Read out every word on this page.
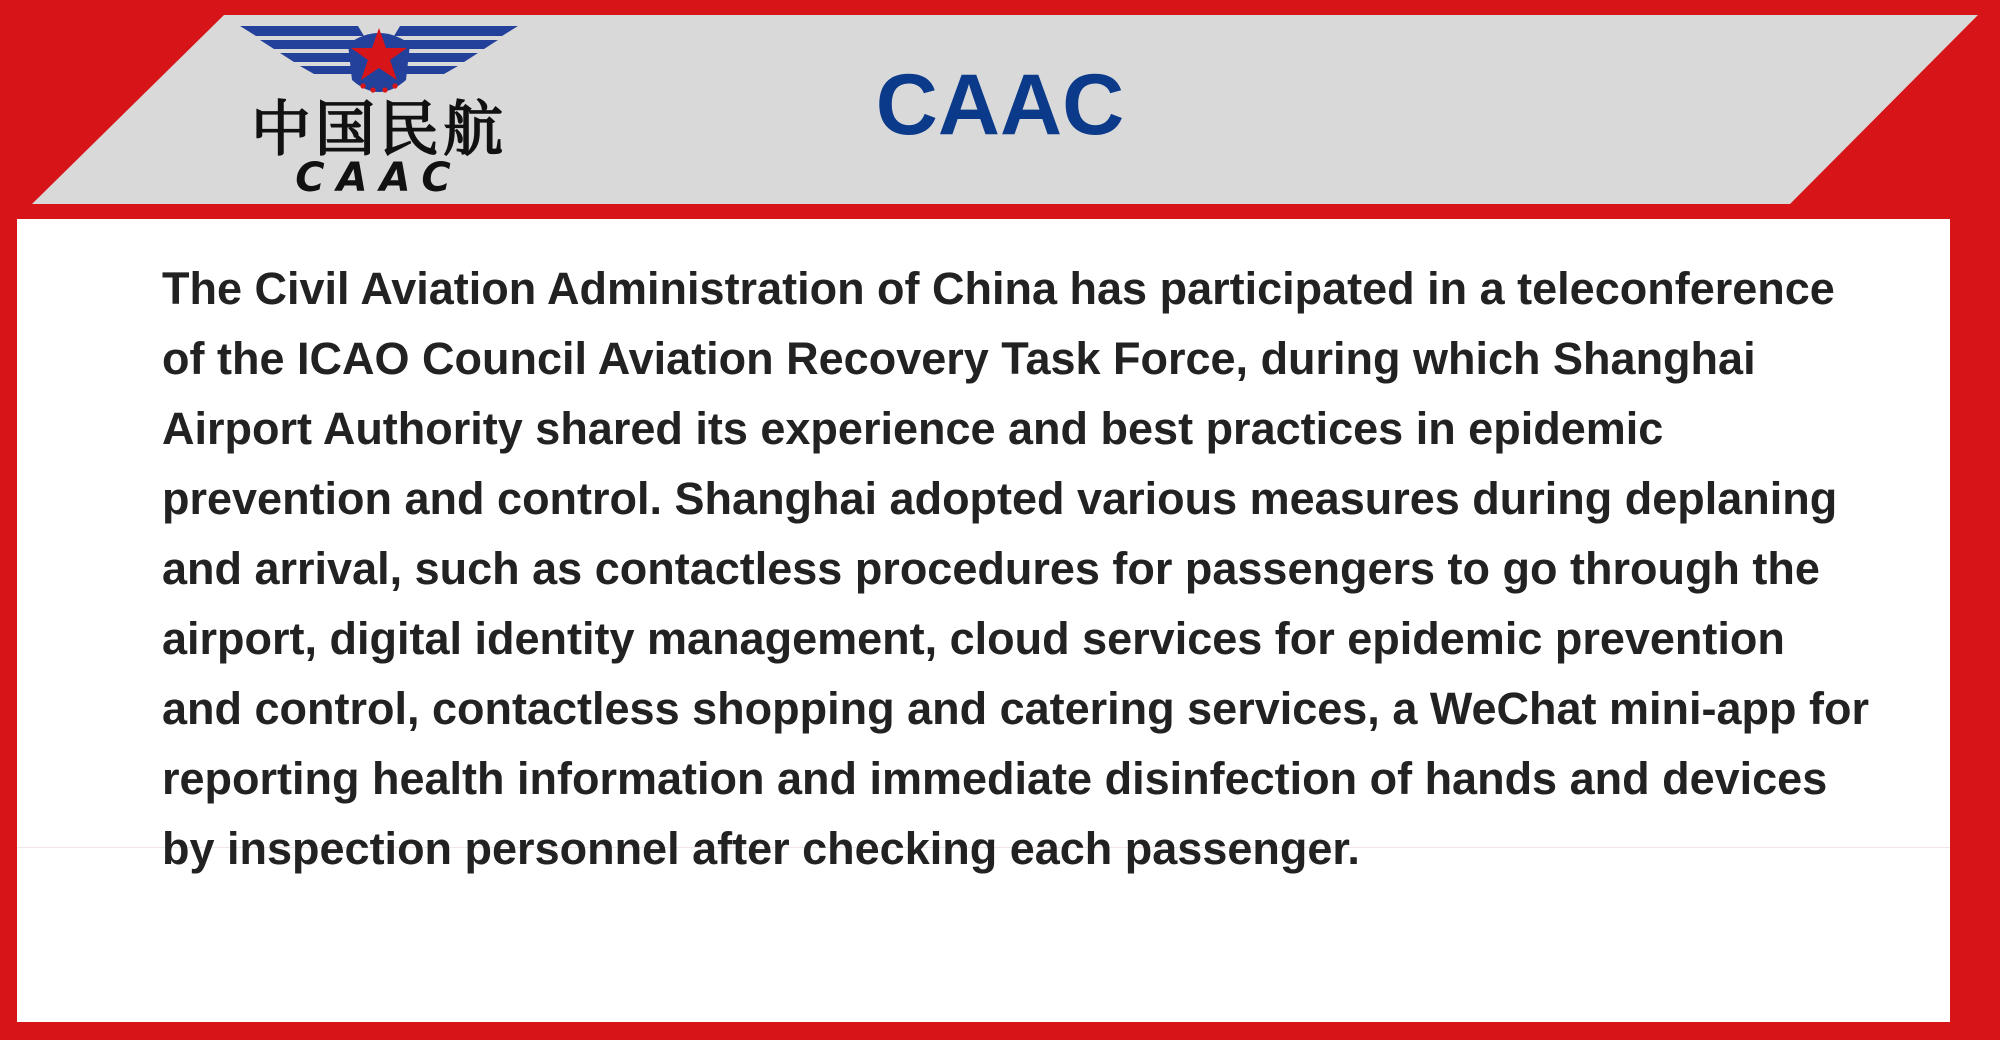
中国民航
CAAC
CAAC

The Civil Aviation Administration of China has participated in a teleconference of the ICAO Council Aviation Recovery Task Force, during which Shanghai Airport Authority shared its experience and best practices in epidemic prevention and control. Shanghai adopted various measures during deplaning and arrival, such as contactless procedures for passengers to go through the airport, digital identity management, cloud services for epidemic prevention and control, contactless shopping and catering services, a WeChat mini-app for reporting health information and immediate disinfection of hands and devices by inspection personnel after checking each passenger.
